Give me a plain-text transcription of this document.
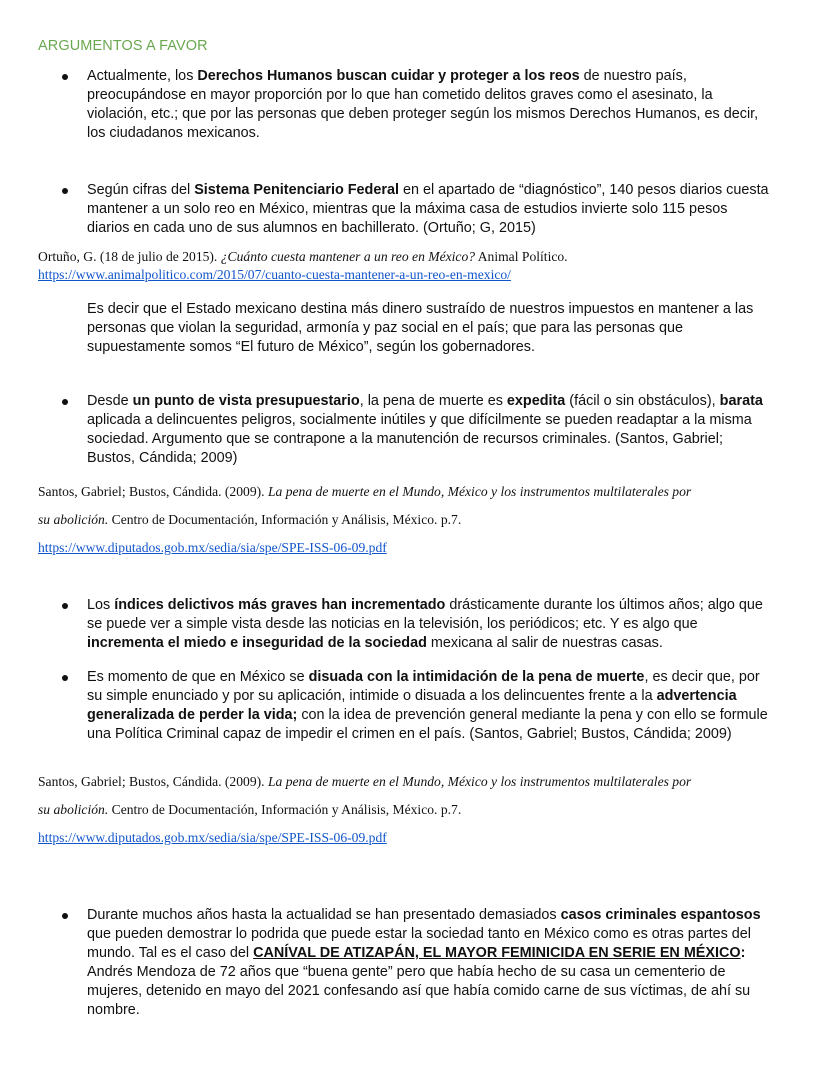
ARGUMENTOS A FAVOR
Actualmente, los Derechos Humanos buscan cuidar y proteger a los reos de nuestro país, preocupándose en mayor proporción por lo que han cometido delitos graves como el asesinato, la violación, etc.; que por las personas que deben proteger según los mismos Derechos Humanos, es decir, los ciudadanos mexicanos.
Según cifras del Sistema Penitenciario Federal en el apartado de “diagnóstico”, 140 pesos diarios cuesta mantener a un solo reo en México, mientras que la máxima casa de estudios invierte solo 115 pesos diarios en cada uno de sus alumnos en bachillerato. (Ortuño; G, 2015)
Ortuño, G. (18 de julio de 2015). ¿Cuánto cuesta mantener a un reo en México? Animal Político.
https://www.animalpolitico.com/2015/07/cuanto-cuesta-mantener-a-un-reo-en-mexico/
Es decir que el Estado mexicano destina más dinero sustraído de nuestros impuestos en mantener a las personas que violan la seguridad, armonía y paz social en el país; que para las personas que supuestamente somos “El futuro de México”, según los gobernadores.
Desde un punto de vista presupuestario, la pena de muerte es expedita (fácil o sin obstáculos), barata aplicada a delincuentes peligros, socialmente inútiles y que difícilmente se pueden readaptar a la misma sociedad. Argumento que se contrapone a la manutención de recursos criminales. (Santos, Gabriel; Bustos, Cándida; 2009)
Santos, Gabriel; Bustos, Cándida. (2009). La pena de muerte en el Mundo, México y los instrumentos multilaterales por
su abolición. Centro de Documentación, Información y Análisis, México. p.7.
https://www.diputados.gob.mx/sedia/sia/spe/SPE-ISS-06-09.pdf
Los índices delictivos más graves han incrementado drásticamente durante los últimos años; algo que se puede ver a simple vista desde las noticias en la televisión, los periódicos; etc. Y es algo que incrementa el miedo e inseguridad de la sociedad mexicana al salir de nuestras casas.
Es momento de que en México se disuada con la intimidación de la pena de muerte, es decir que, por su simple enunciado y por su aplicación, intimide o disuada a los delincuentes frente a la advertencia generalizada de perder la vida; con la idea de prevención general mediante la pena y con ello se formule una Política Criminal capaz de impedir el crimen en el país. (Santos, Gabriel; Bustos, Cándida; 2009)
Santos, Gabriel; Bustos, Cándida. (2009). La pena de muerte en el Mundo, México y los instrumentos multilaterales por
su abolición. Centro de Documentación, Información y Análisis, México. p.7.
https://www.diputados.gob.mx/sedia/sia/spe/SPE-ISS-06-09.pdf
Durante muchos años hasta la actualidad se han presentado demasiados casos criminales espantosos que pueden demostrar lo podrida que puede estar la sociedad tanto en México como es otras partes del mundo. Tal es el caso del CANÍVAL DE ATIZAPÁN, EL MAYOR FEMINICIDA EN SERIE EN MÉXICO: Andrés Mendoza de 72 años que “buena gente” pero que había hecho de su casa un cementerio de mujeres, detenido en mayo del 2021 confesando así que había comido carne de sus víctimas, de ahí su nombre.
